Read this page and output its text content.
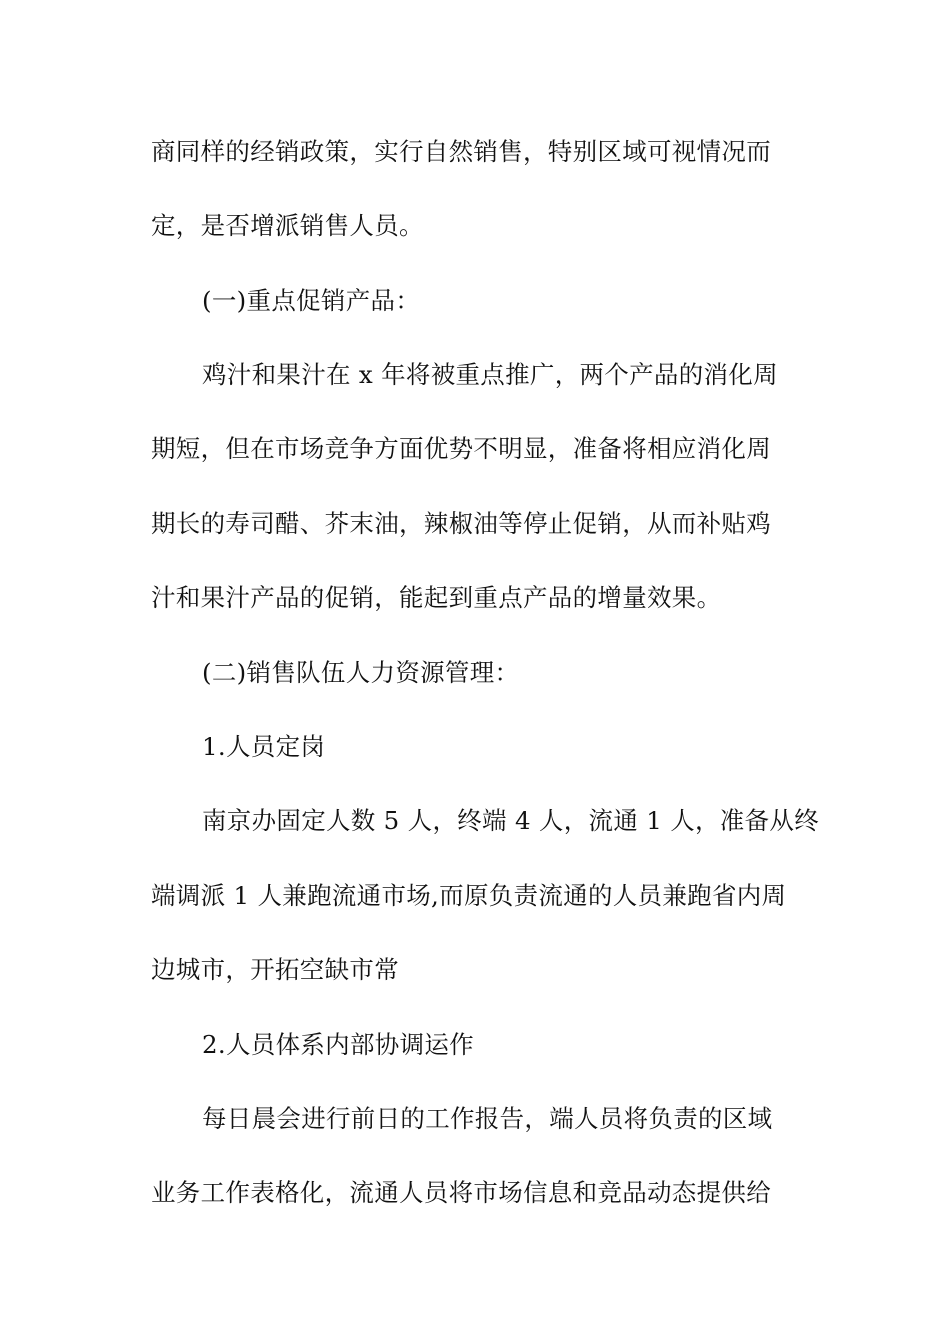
商同样的经销政策，实行自然销售，特别区域可视情况而
定，是否增派销售人员。
(一)重点促销产品：
鸡汁和果汁在 x 年将被重点推广，两个产品的消化周
期短，但在市场竞争方面优势不明显，准备将相应消化周
期长的寿司醋、芥末油，辣椒油等停止促销，从而补贴鸡
汁和果汁产品的促销，能起到重点产品的增量效果。
(二)销售队伍人力资源管理：
1.人员定岗
南京办固定人数 5 人，终端 4 人，流通 1 人，准备从终
端调派 1 人兼跑流通市场,而原负责流通的人员兼跑省内周
边城市，开拓空缺市常
2.人员体系内部协调运作
每日晨会进行前日的工作报告，端人员将负责的区域
业务工作表格化，流通人员将市场信息和竞品动态提供给
